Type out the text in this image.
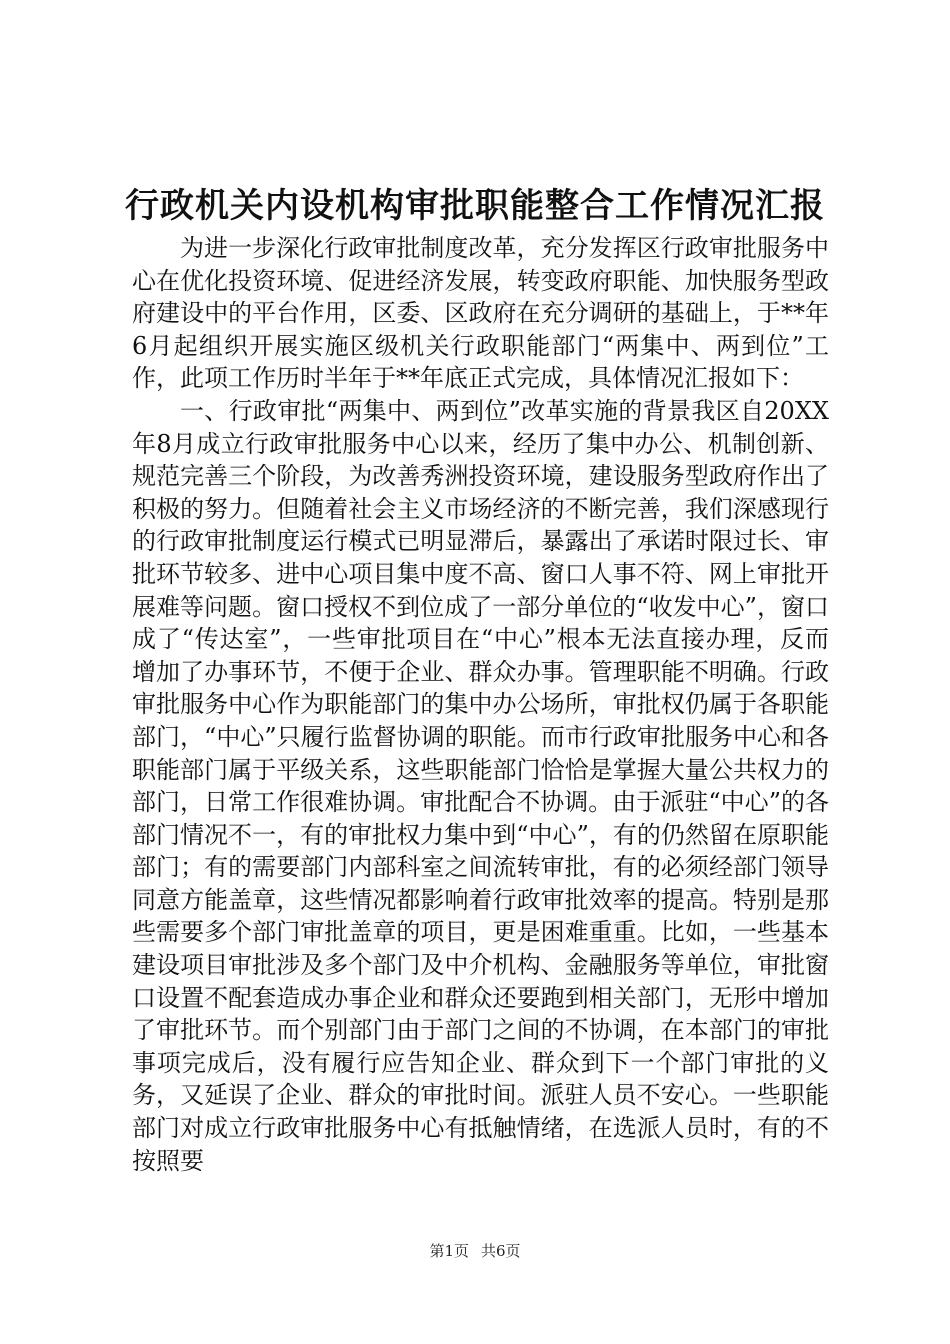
行政机关内设机构审批职能整合工作情况汇报

为进一步深化行政审批制度改革，充分发挥区行政审批服务中心在优化投资环境、促进经济发展，转变政府职能、加快服务型政府建设中的平台作用，区委、区政府在充分调研的基础上，于**年6月起组织开展实施区级机关行政职能部门“两集中、两到位”工作，此项工作历时半年于**年底正式完成，具体情况汇报如下：

一、行政审批“两集中、两到位”改革实施的背景我区自20XX年8月成立行政审批服务中心以来，经历了集中办公、机制创新、规范完善三个阶段，为改善秀洲投资环境，建设服务型政府作出了积极的努力。但随着社会主义市场经济的不断完善，我们深感现行的行政审批制度运行模式已明显滞后，暴露出了承诺时限过长、审批环节较多、进中心项目集中度不高、窗口人事不符、网上审批开展难等问题。窗口授权不到位成了一部分单位的“收发中心”，窗口成了“传达室”，一些审批项目在“中心”根本无法直接办理，反而增加了办事环节，不便于企业、群众办事。管理职能不明确。行政审批服务中心作为职能部门的集中办公场所，审批权仍属于各职能部门，“中心”只履行监督协调的职能。而市行政审批服务中心和各职能部门属于平级关系，这些职能部门恰恰是掌握大量公共权力的部门，日常工作很难协调。审批配合不协调。由于派驻“中心”的各部门情况不一，有的审批权力集中到“中心”，有的仍然留在原职能部门；有的需要部门内部科室之间流转审批，有的必须经部门领导同意方能盖章，这些情况都影响着行政审批效率的提高。特别是那些需要多个部门审批盖章的项目，更是困难重重。比如，一些基本建设项目审批涉及多个部门及中介机构、金融服务等单位，审批窗口设置不配套造成办事企业和群众还要跑到相关部门，无形中增加了审批环节。而个别部门由于部门之间的不协调，在本部门的审批事项完成后，没有履行应告知企业、群众到下一个部门审批的义务，又延误了企业、群众的审批时间。派驻人员不安心。一些职能部门对成立行政审批服务中心有抵触情绪，在选派人员时，有的不按照要

第1页 共6页
